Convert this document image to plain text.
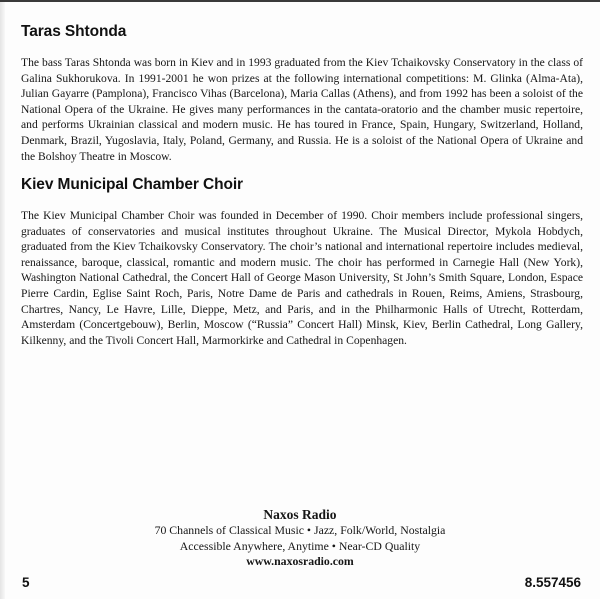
Taras Shtonda

The bass Taras Shtonda was born in Kiev and in 1993 graduated from the Kiev Tchaikovsky Conservatory in the class of Galina Sukhorukova. In 1991-2001 he won prizes at the following international competitions: M. Glinka (Alma-Ata), Julian Gayarre (Pamplona), Francisco Vihas (Barcelona), Maria Callas (Athens), and from 1992 has been a soloist of the National Opera of the Ukraine. He gives many performances in the cantata-oratorio and the chamber music repertoire, and performs Ukrainian classical and modern music. He has toured in France, Spain, Hungary, Switzerland, Holland, Denmark, Brazil, Yugoslavia, Italy, Poland, Germany, and Russia. He is a soloist of the National Opera of Ukraine and the Bolshoy Theatre in Moscow.

Kiev Municipal Chamber Choir

The Kiev Municipal Chamber Choir was founded in December of 1990. Choir members include professional singers, graduates of conservatories and musical institutes throughout Ukraine. The Musical Director, Mykola Hobdych, graduated from the Kiev Tchaikovsky Conservatory. The choir’s national and international repertoire includes medieval, renaissance, baroque, classical, romantic and modern music. The choir has performed in Carnegie Hall (New York), Washington National Cathedral, the Concert Hall of George Mason University, St John’s Smith Square, London, Espace Pierre Cardin, Eglise Saint Roch, Paris, Notre Dame de Paris and cathedrals in Rouen, Reims, Amiens, Strasbourg, Chartres, Nancy, Le Havre, Lille, Dieppe, Metz, and Paris, and in the Philharmonic Halls of Utrecht, Rotterdam, Amsterdam (Concertgebouw), Berlin, Moscow (“Russia” Concert Hall) Minsk, Kiev, Berlin Cathedral, Long Gallery, Kilkenny, and the Tivoli Concert Hall, Marmorkirke and Cathedral in Copenhagen.

Naxos Radio
70 Channels of Classical Music • Jazz, Folk/World, Nostalgia
Accessible Anywhere, Anytime • Near-CD Quality
www.naxosradio.com
5	8.557456
